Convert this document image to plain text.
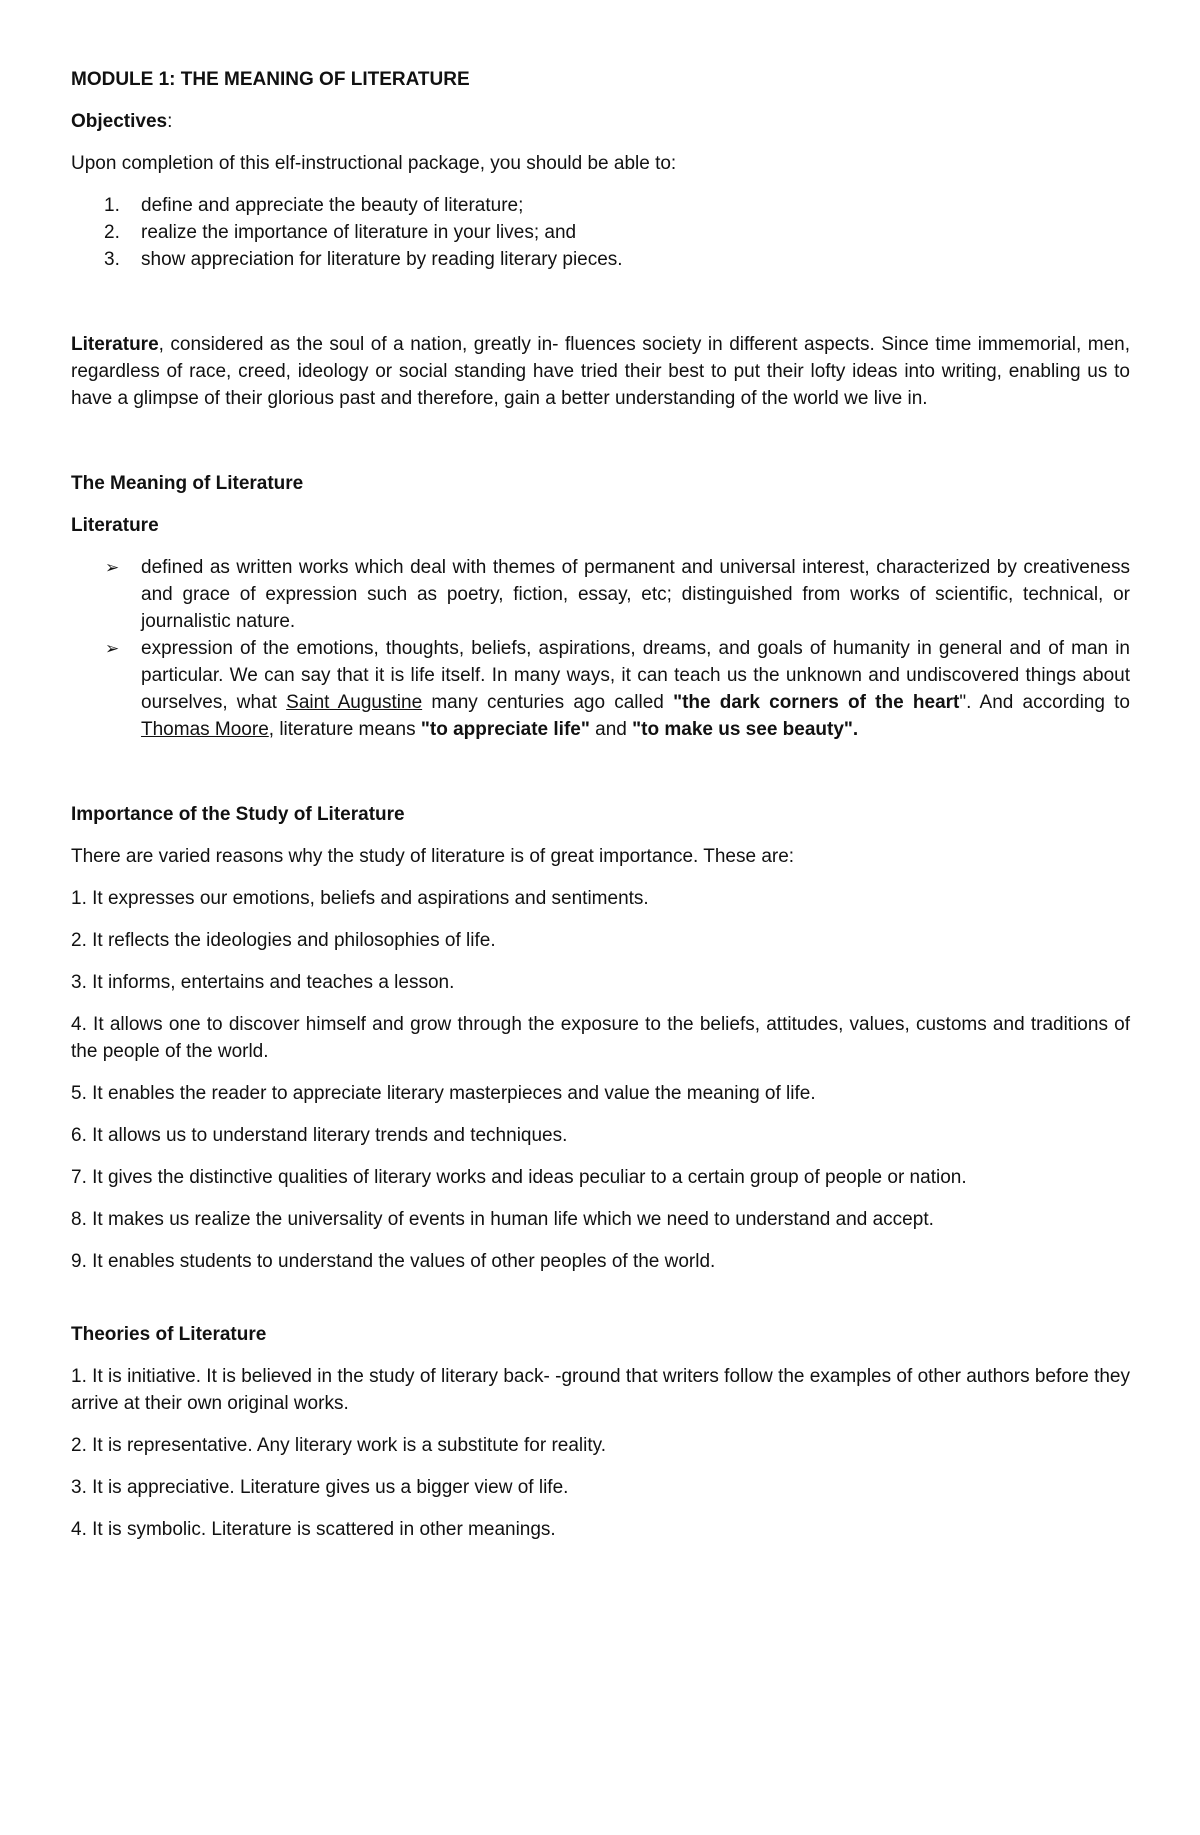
MODULE 1: THE MEANING OF LITERATURE

Objectives:

Upon completion of this elf-instructional package, you should be able to:

1. define and appreciate the beauty of literature;
2. realize the importance of literature in your lives; and
3. show appreciation for literature by reading literary pieces.

Literature, considered as the soul of a nation, greatly in- fluences society in different aspects. Since time immemorial, men, regardless of race, creed, ideology or social standing have tried their best to put their lofty ideas into writing, enabling us to have a glimpse of their glorious past and therefore, gain a better understanding of the world we live in.

The Meaning of Literature

Literature

➢ defined as written works which deal with themes of permanent and universal interest, characterized by creativeness and grace of expression such as poetry, fiction, essay, etc; distinguished from works of scientific, technical, or journalistic nature.
➢ expression of the emotions, thoughts, beliefs, aspirations, dreams, and goals of humanity in general and of man in particular. We can say that it is life itself. In many ways, it can teach us the unknown and undiscovered things about ourselves, what Saint Augustine many centuries ago called "the dark corners of the heart". And according to Thomas Moore, literature means "to appreciate life" and "to make us see beauty".

Importance of the Study of Literature

There are varied reasons why the study of literature is of great importance. These are:

1. It expresses our emotions, beliefs and aspirations and sentiments.

2. It reflects the ideologies and philosophies of life.

3. It informs, entertains and teaches a lesson.

4. It allows one to discover himself and grow through the exposure to the beliefs, attitudes, values, customs and traditions of the people of the world.

5. It enables the reader to appreciate literary masterpieces and value the meaning of life.

6. It allows us to understand literary trends and techniques.

7. It gives the distinctive qualities of literary works and ideas peculiar to a certain group of people or nation.

8. It makes us realize the universality of events in human life which we need to understand and accept.

9. It enables students to understand the values of other peoples of the world.

Theories of Literature

1. It is initiative. It is believed in the study of literary back- -ground that writers follow the examples of other authors before they arrive at their own original works.

2. It is representative. Any literary work is a substitute for reality.

3. It is appreciative. Literature gives us a bigger view of life.

4. It is symbolic. Literature is scattered in other meanings.
